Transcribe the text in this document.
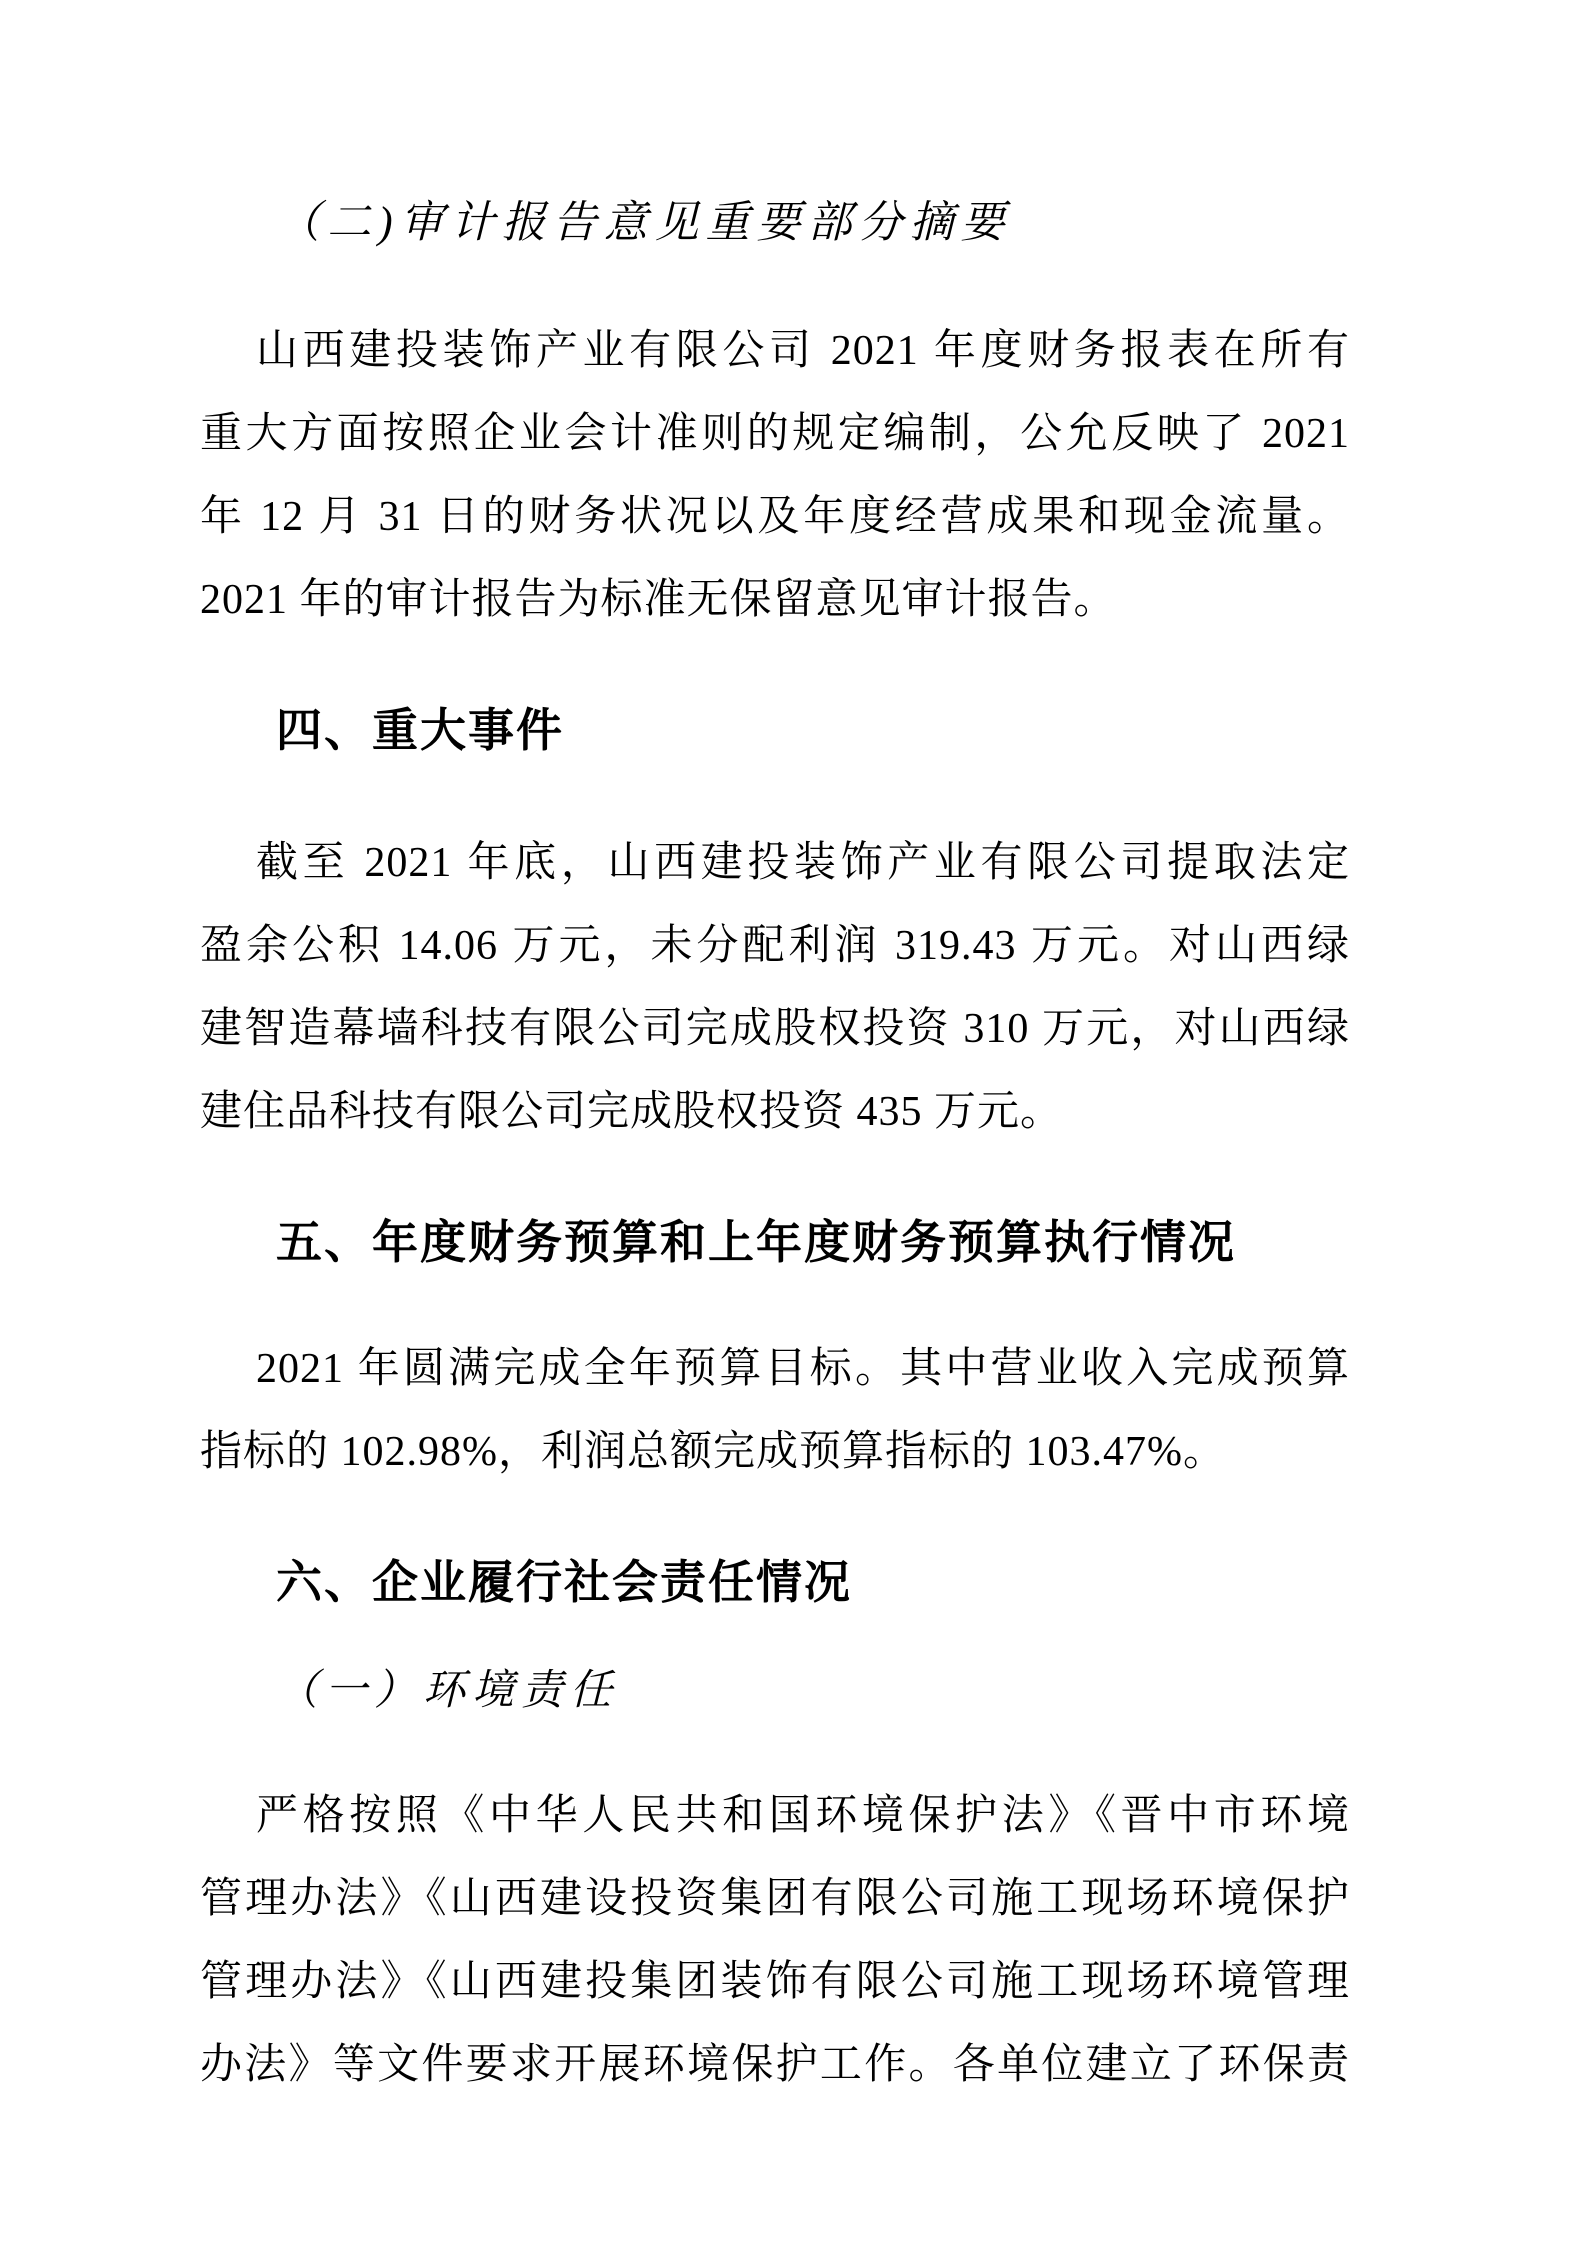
（二)审计报告意见重要部分摘要

山西建投装饰产业有限公司 2021 年度财务报表在所有

重大方面按照企业会计准则的规定编制，公允反映了 2021

年 12 月 31 日的财务状况以及年度经营成果和现金流量。

2021 年的审计报告为标准无保留意见审计报告。

四、重大事件

截至 2021 年底，山西建投装饰产业有限公司提取法定

盈余公积 14.06 万元，未分配利润 319.43 万元。对山西绿

建智造幕墙科技有限公司完成股权投资 310 万元，对山西绿

建住品科技有限公司完成股权投资 435 万元。

五、年度财务预算和上年度财务预算执行情况

2021 年圆满完成全年预算目标。其中营业收入完成预算

指标的 102.98%，利润总额完成预算指标的 103.47%。

六、企业履行社会责任情况
（一）环境责任

严格按照《中华人民共和国环境保护法》《晋中市环境

管理办法》《山西建设投资集团有限公司施工现场环境保护

管理办法》《山西建投集团装饰有限公司施工现场环境管理

办法》等文件要求开展环境保护工作。各单位建立了环保责
